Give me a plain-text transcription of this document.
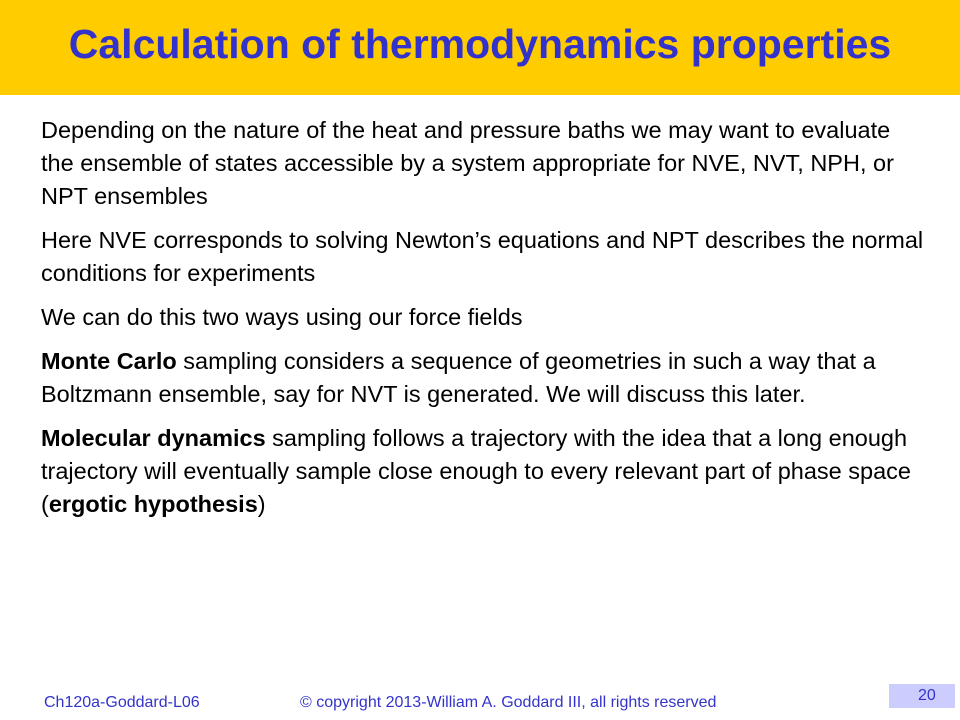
Calculation of thermodynamics properties

Depending on the nature of the heat and pressure baths we may want to evaluate the ensemble of states accessible by a system appropriate for NVE, NVT, NPH, or NPT ensembles

Here NVE corresponds to solving Newton’s equations and NPT describes the normal conditions for experiments

We can do this two ways using our force fields

Monte Carlo sampling considers a sequence of geometries in such a way that a Boltzmann ensemble, say for NVT is generated. We will discuss this later.

Molecular dynamics sampling follows a trajectory with the idea that a long enough trajectory will eventually sample close enough to every relevant part of phase space (ergotic hypothesis)

Ch120a-Goddard-L06	© copyright 2013-William A. Goddard III, all rights reserved	20
